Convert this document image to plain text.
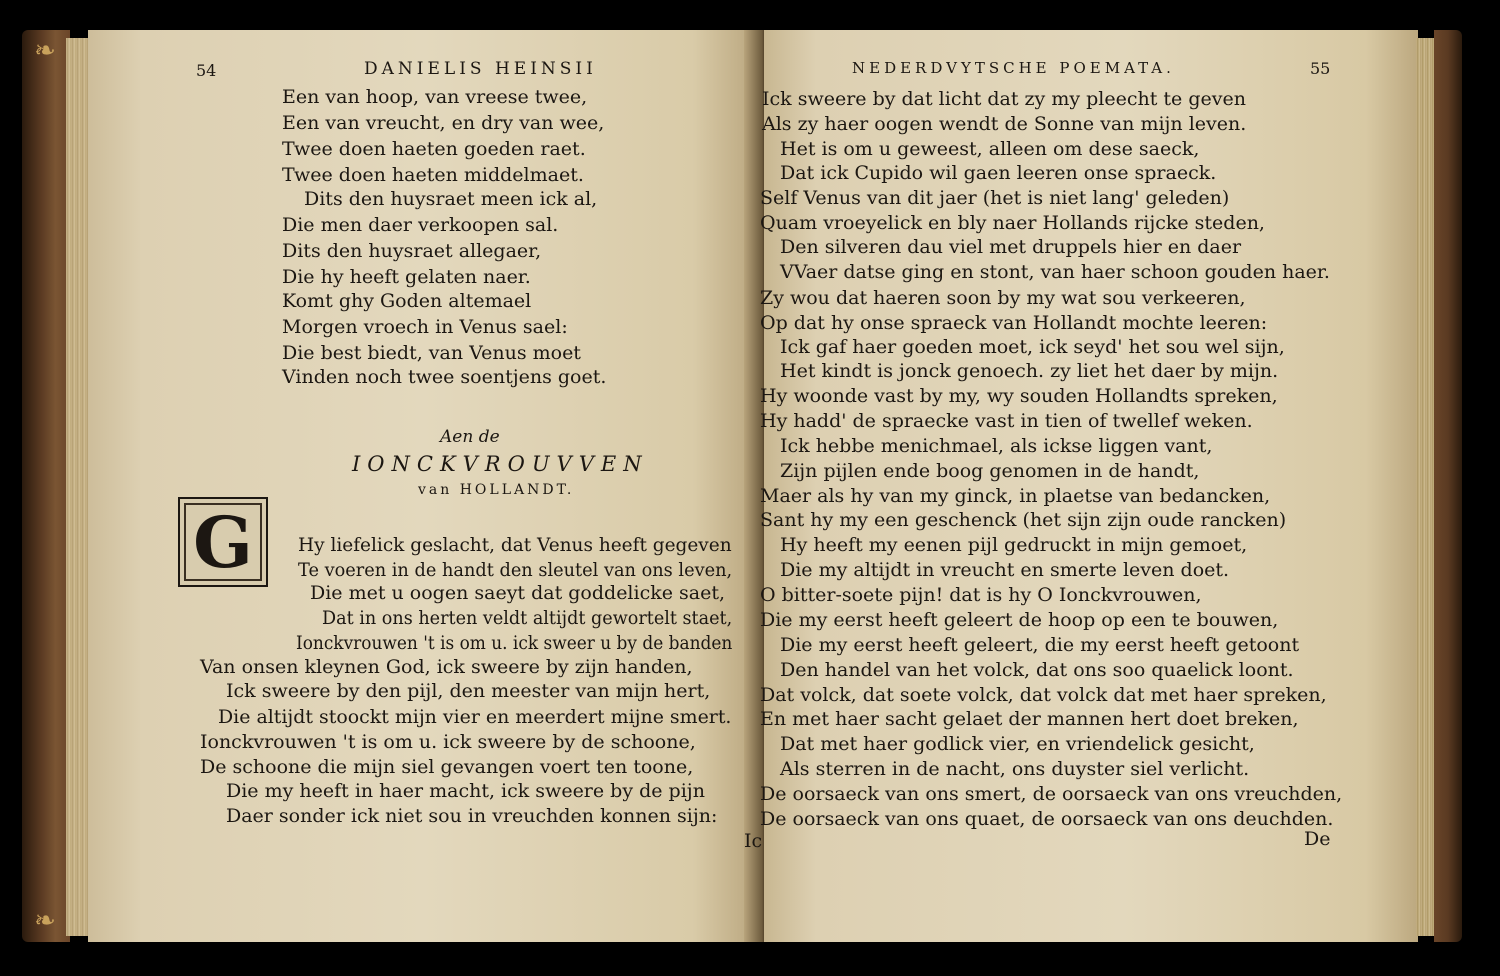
❧
❧
54	DANIELIS HEINSII
Een van hoop, van vreese twee,
Een van vreucht, en dry van wee,
Twee doen haeten goeden raet.
Twee doen haeten middelmaet.
Dits den huysraet meen ick al,
Die men daer verkoopen sal.
Dits den huysraet allegaer,
Die hy heeft gelaten naer.
Komt ghy Goden altemael
Morgen vroech in Venus sael:
Die best biedt, van Venus moet
Vinden noch twee soentjens goet.
Aen de
IONCKVROUVVEN
van HOLLANDT.
G	Hy liefelick geslacht, dat Venus heeft gegeven
Te voeren in de handt den sleutel van ons leven,
Die met u oogen saeyt dat goddelicke saet,
Dat in ons herten veldt altijdt gewortelt staet,
Ionckvrouwen 't is om u. ick sweer u by de banden
Van onsen kleynen God, ick sweere by zijn handen,
Ick sweere by den pijl, den meester van mijn hert,
Die altijdt stoockt mijn vier en meerdert mijne smert.
Ionckvrouwen 't is om u. ick sweere by de schoone,
De schoone die mijn siel gevangen voert ten toone,
Die my heeft in haer macht, ick sweere by de pijn
Daer sonder ick niet sou in vreuchden konnen sijn:
Ic
NEDERDVYTSCHE POEMATA.	55
Ick sweere by dat licht dat zy my pleecht te geven
Als zy haer oogen wendt de Sonne van mijn leven.
Het is om u geweest, alleen om dese saeck,
Dat ick Cupido wil gaen leeren onse spraeck.
Self Venus van dit jaer (het is niet lang' geleden)
Quam vroeyelick en bly naer Hollands rijcke steden,
Den silveren dau viel met druppels hier en daer
VVaer datse ging en stont, van haer schoon gouden haer.
Zy wou dat haeren soon by my wat sou verkeeren,
Op dat hy onse spraeck van Hollandt mochte leeren:
Ick gaf haer goeden moet, ick seyd' het sou wel sijn,
Het kindt is jonck genoech. zy liet het daer by mijn.
Hy woonde vast by my, wy souden Hollandts spreken,
Hy hadd' de spraecke vast in tien of twellef weken.
Ick hebbe menichmael, als ickse liggen vant,
Zijn pijlen ende boog genomen in de handt,
Maer als hy van my ginck, in plaetse van bedancken,
Sant hy my een geschenck (het sijn zijn oude rancken)
Hy heeft my eenen pijl gedruckt in mijn gemoet,
Die my altijdt in vreucht en smerte leven doet.
O bitter-soete pijn! dat is hy O Ionckvrouwen,
Die my eerst heeft geleert de hoop op een te bouwen,
Die my eerst heeft geleert, die my eerst heeft getoont
Den handel van het volck, dat ons soo quaelick loont.
Dat volck, dat soete volck, dat volck dat met haer spreken,
En met haer sacht gelaet der mannen hert doet breken,
Dat met haer godlick vier, en vriendelick gesicht,
Als sterren in de nacht, ons duyster siel verlicht.
De oorsaeck van ons smert, de oorsaeck van ons vreuchden,
De oorsaeck van ons quaet, de oorsaeck van ons deuchden.
De
